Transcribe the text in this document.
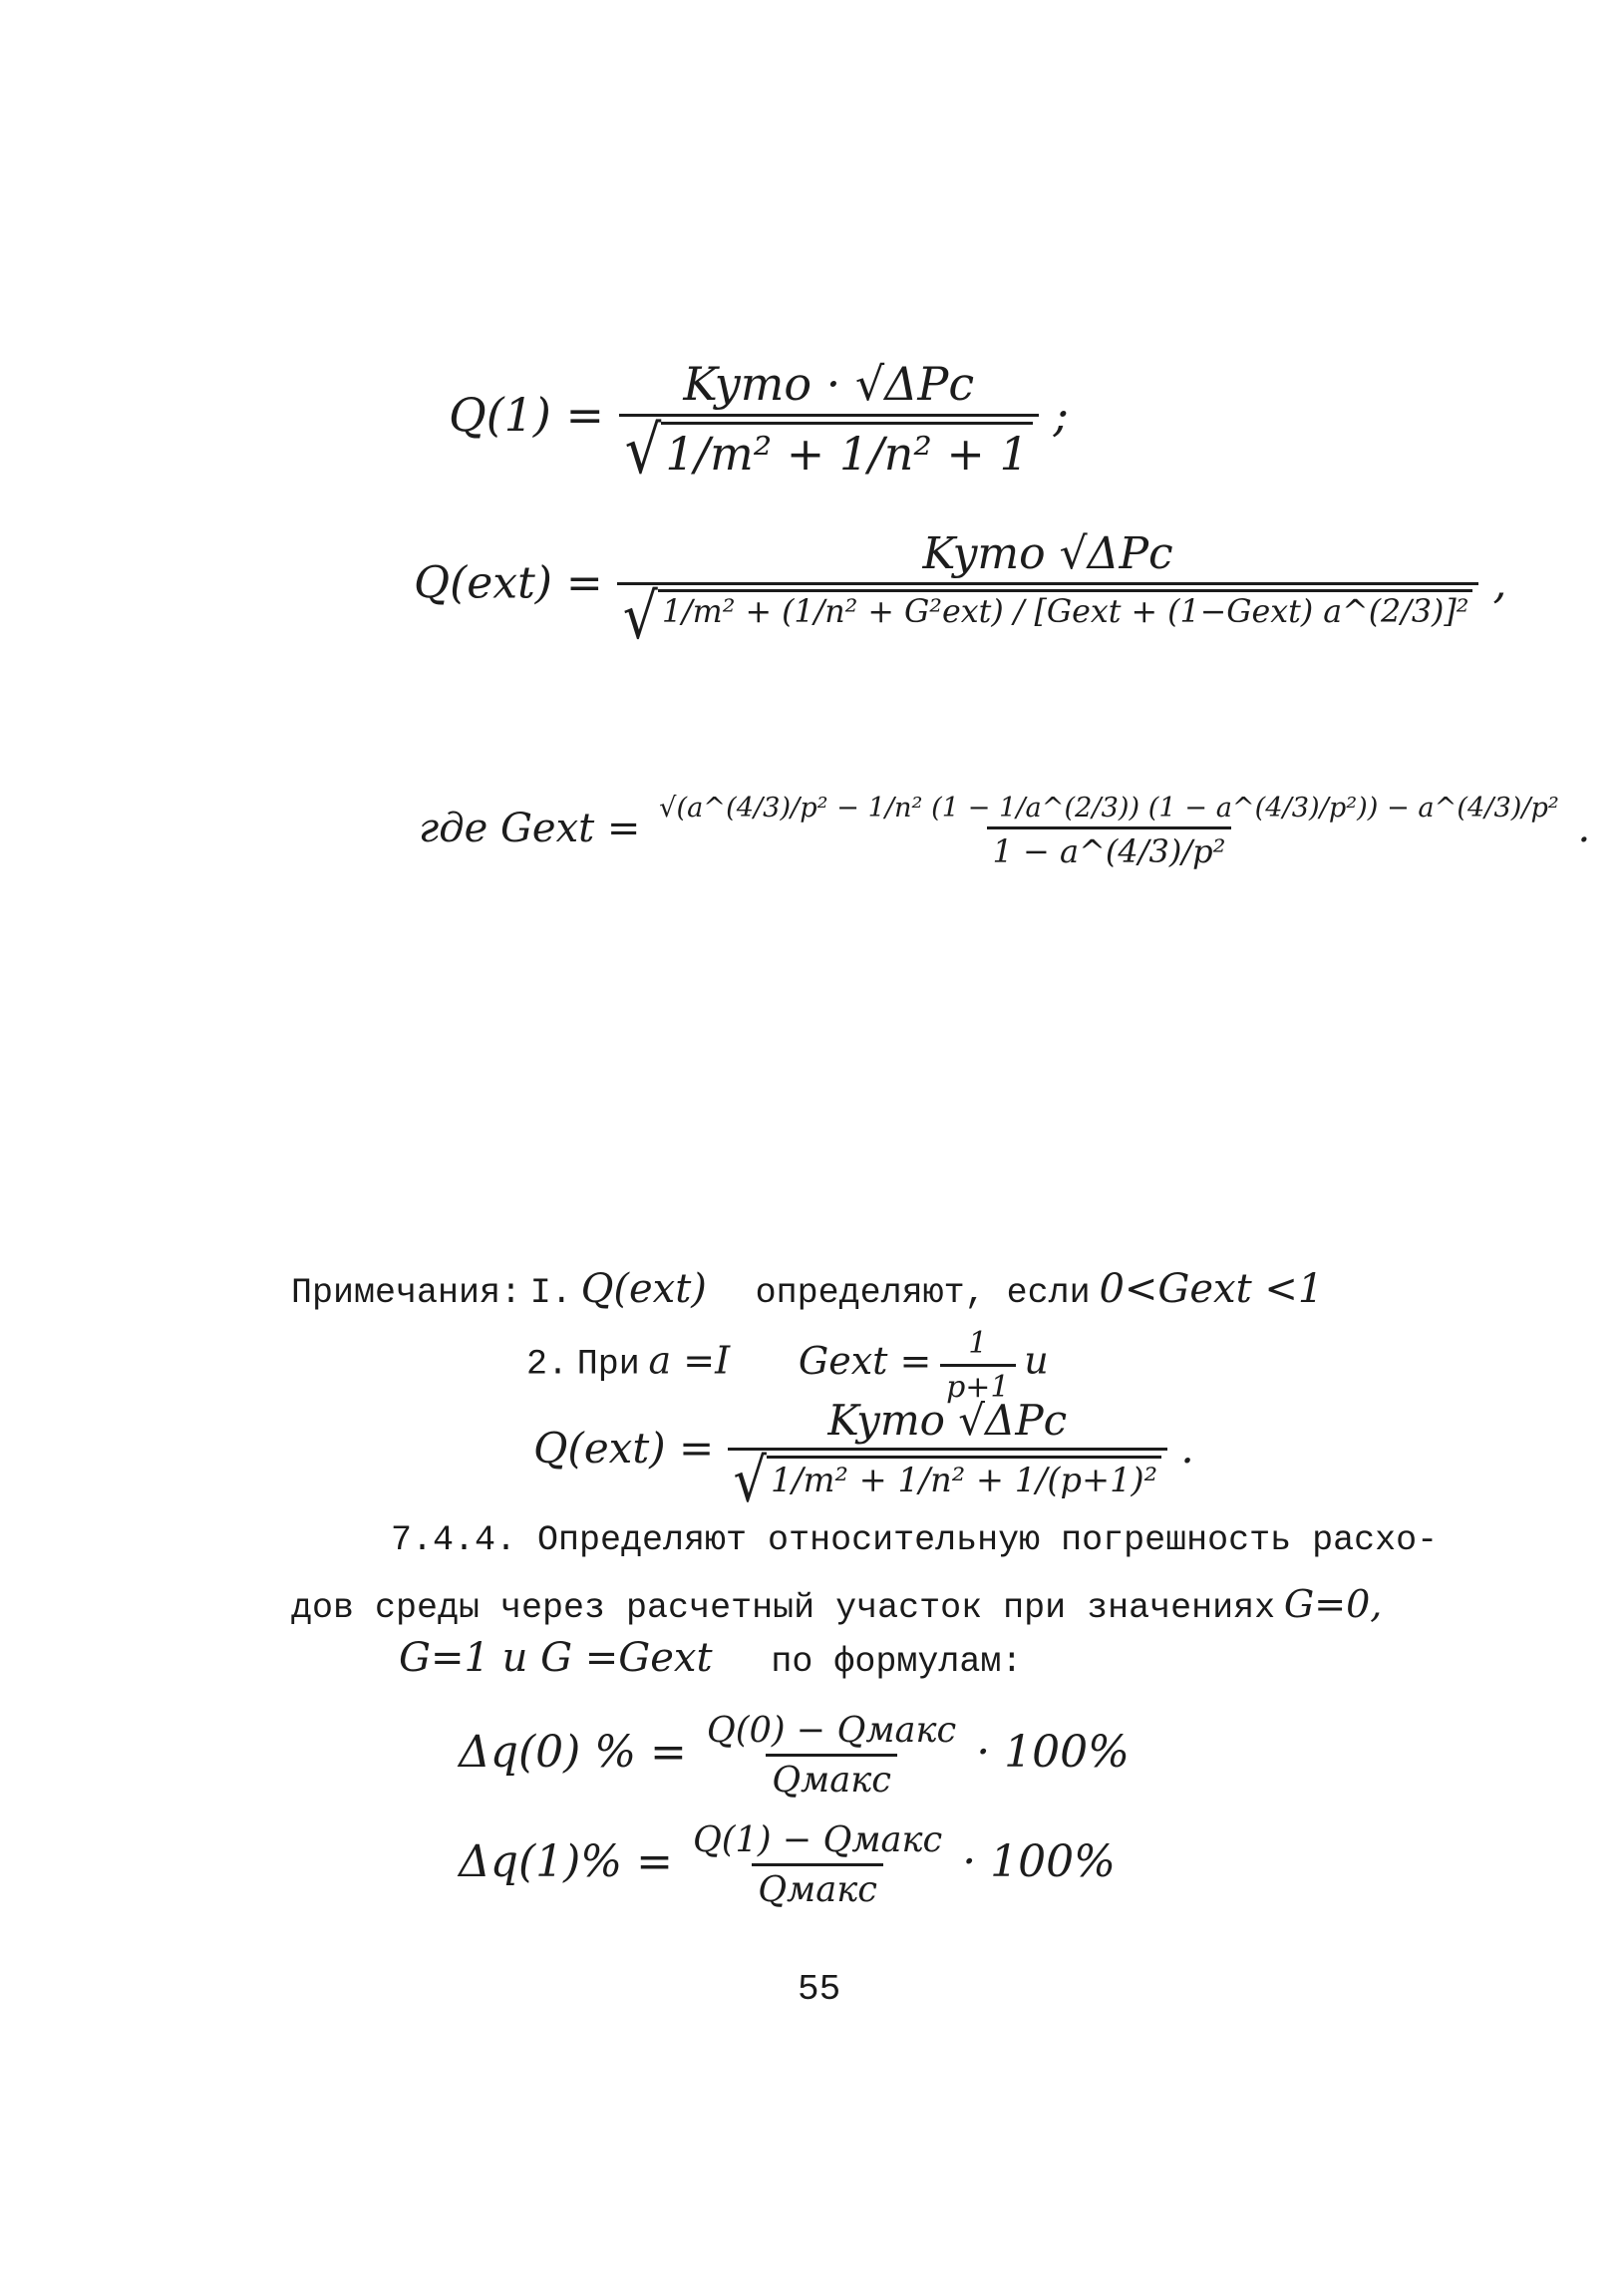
$Q(1) = \frac{\text{Kyто · √ΔPc}}{\text{√ 1/m² + 1/n² + 1}}$ ;
Q(ext) =
Kyто √ΔPc
√ 1/m² + (1/n² + G²ext) / [Gext + (1−Gext) a^(2/3)]²
,
где Gext = √(a^(4/3)/p² − 1/n² (1 − 1/a^(2/3)) (1 − a^(4/3)/p²)) − a^(4/3)/p²
1 − a^(4/3)/p²	.
Примечания: I. Q(ext) определяют, если 0<Gext <1
2. При a =I Gext = $\frac{1}{p+1}$ и
$Q(ext) = \frac{\text{Kyто √ΔPc}}{\text{√ 1/m² + 1/n² + 1/(p+1)²}}$ .
7.4.4. Определяют относительную погрешность расхо-
дов среды через расчетный участок при значениях G=0,
G=1 и G =Gext по формулам:
Δq(0) % = $\frac{\text{Q(0) − Qмакс}}{\text{Qмакс}} \cdot 100\%$
$\Delta q(1)\% = \frac{\text{Q(1) − Qмакс}}{\text{Qмакс}} \cdot 100\%$
55
